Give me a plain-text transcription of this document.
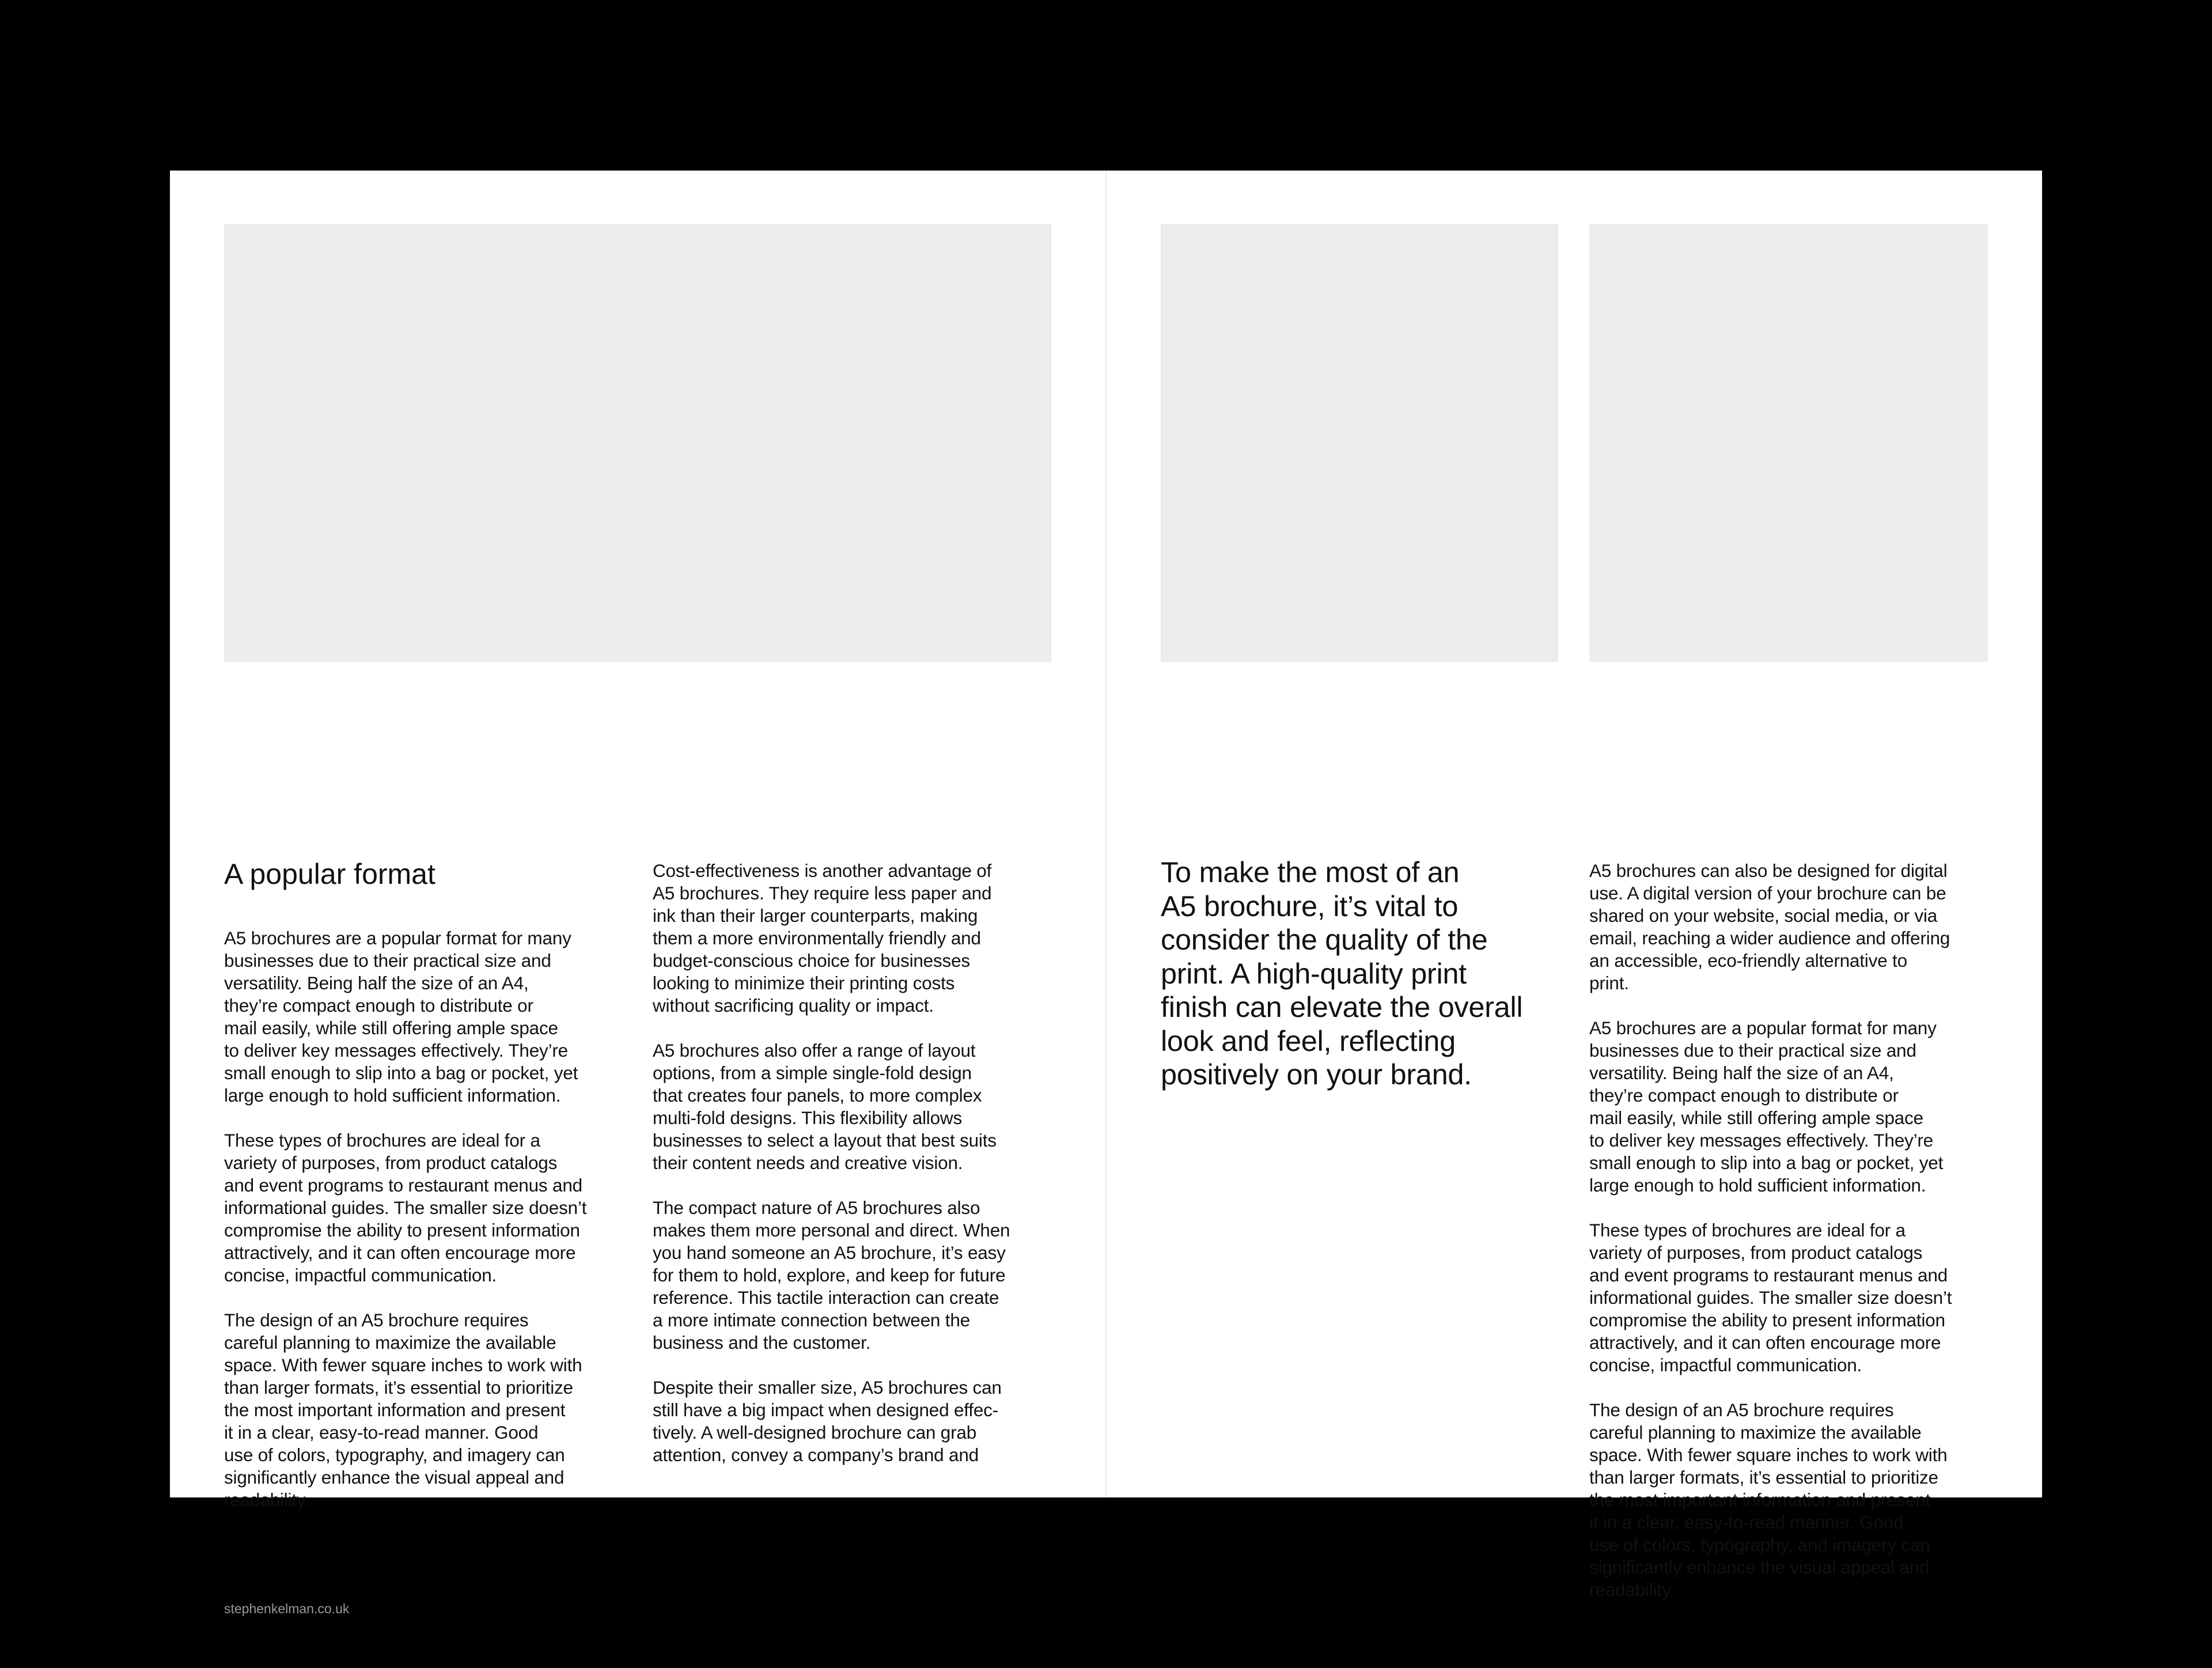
A popular format

A5 brochures are a popular format for many
businesses due to their practical size and
versatility. Being half the size of an A4,
they’re compact enough to distribute or
mail easily, while still offering ample space
to deliver key messages effectively. They’re
small enough to slip into a bag or pocket, yet
large enough to hold sufficient information.

These types of brochures are ideal for a
variety of purposes, from product catalogs
and event programs to restaurant menus and
informational guides. The smaller size doesn’t
compromise the ability to present information
attractively, and it can often encourage more
concise, impactful communication.

The design of an A5 brochure requires
careful planning to maximize the available
space. With fewer square inches to work with
than larger formats, it’s essential to prioritize
the most important information and present
it in a clear, easy-to-read manner. Good
use of colors, typography, and imagery can
significantly enhance the visual appeal and
readability.

Cost-effectiveness is another advantage of
A5 brochures. They require less paper and
ink than their larger counterparts, making
them a more environmentally friendly and
budget-conscious choice for businesses
looking to minimize their printing costs
without sacrificing quality or impact.

A5 brochures also offer a range of layout
options, from a simple single-fold design
that creates four panels, to more complex
multi-fold designs. This flexibility allows
businesses to select a layout that best suits
their content needs and creative vision.

The compact nature of A5 brochures also
makes them more personal and direct. When
you hand someone an A5 brochure, it’s easy
for them to hold, explore, and keep for future
reference. This tactile interaction can create
a more intimate connection between the
business and the customer.

Despite their smaller size, A5 brochures can
still have a big impact when designed effec-
tively. A well-designed brochure can grab
attention, convey a company’s brand and

stephenkelman.co.uk

To make the most of an
A5 brochure, it’s vital to
consider the quality of the
print. A high-quality print
finish can elevate the overall
look and feel, reflecting
positively on your brand.

A5 brochures can also be designed for digital
use. A digital version of your brochure can be
shared on your website, social media, or via
email, reaching a wider audience and offering
an accessible, eco-friendly alternative to
print.

A5 brochures are a popular format for many
businesses due to their practical size and
versatility. Being half the size of an A4,
they’re compact enough to distribute or
mail easily, while still offering ample space
to deliver key messages effectively. They’re
small enough to slip into a bag or pocket, yet
large enough to hold sufficient information.

These types of brochures are ideal for a
variety of purposes, from product catalogs
and event programs to restaurant menus and
informational guides. The smaller size doesn’t
compromise the ability to present information
attractively, and it can often encourage more
concise, impactful communication.

The design of an A5 brochure requires
careful planning to maximize the available
space. With fewer square inches to work with
than larger formats, it’s essential to prioritize
the most important information and present
it in a clear, easy-to-read manner. Good
use of colors, typography, and imagery can
significantly enhance the visual appeal and
readability.
